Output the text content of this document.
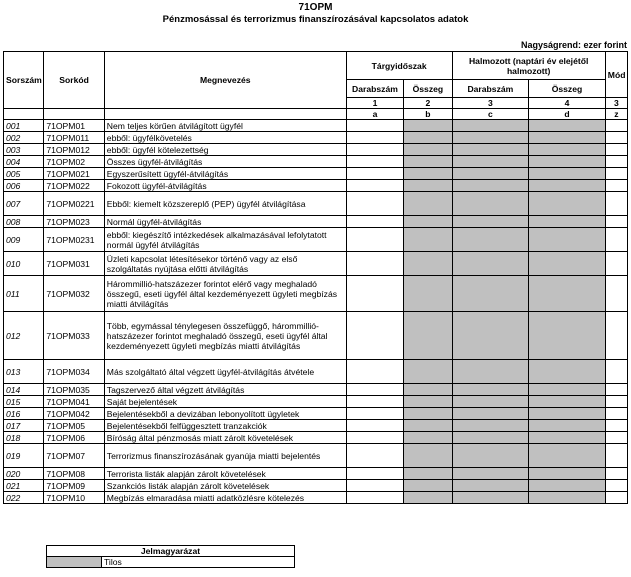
71OPM
Pénzmosással és terrorizmus finanszírozásával kapcsolatos adatok
Nagyságrend: ezer forint
Sorszám	Sorkód	Megnevezés	Tárgyidőszak		Halmozott (naptári év elejétől halmozott)		Mód
			Darabszám	Összeg	Darabszám	Összeg	
			1	2	3	4	3
			a	b	c	d	z
001	71OPM01	Nem teljes körűen átvilágított ügyfél					
002	71OPM011	ebből: ügyfélkövetelés					
003	71OPM012	ebből: ügyfél kötelezettség					
004	71OPM02	Összes ügyfél-átvilágítás					
005	71OPM021	Egyszerűsített ügyfél-átvilágítás					
006	71OPM022	Fokozott ügyfél-átvilágítás					
007	71OPM0221	Ebből: kiemelt közszereplő (PEP) ügyfél átvilágítása					
008	71OPM023	Normál ügyfél-átvilágítás					
009	71OPM0231	ebből: kiegészítő intézkedések alkalmazásával lefolytatott normál ügyfél átvilágítás					
010	71OPM031	Üzleti kapcsolat létesítésekor történő vagy az első szolgáltatás nyújtása előtti átvilágítás					
011	71OPM032	Hárommillió-hatszázezer forintot elérő vagy meghaladó összegű, eseti ügyfél által kezdeményezett ügyleti megbízás miatti átvilágítás					
012	71OPM033	Több, egymással ténylegesen összefüggő, hárommillió-hatszázezer forintot meghaladó összegű, eseti ügyfél által kezdeményezett ügyleti megbízás miatti átvilágítás					
013	71OPM034	Más szolgáltató által végzett ügyfél-átvilágítás átvétele					
014	71OPM035	Tagszervező által végzett átvilágítás					
015	71OPM041	Saját bejelentések					
016	71OPM042	Bejelentésekből a devizában lebonyolított ügyletek					
017	71OPM05	Bejelentésekből felfüggesztett tranzakciók					
018	71OPM06	Bíróság által pénzmosás miatt zárolt követelések					
019	71OPM07	Terrorizmus finanszírozásának gyanúja miatti bejelentés					
020	71OPM08	Terrorista listák alapján zárolt követelések					
021	71OPM09	Szankciós listák alapján zárolt követelések					
022	71OPM10	Megbízás elmaradása miatti adatközlésre kötelezés					
Jelmagyarázat
	Tilos
